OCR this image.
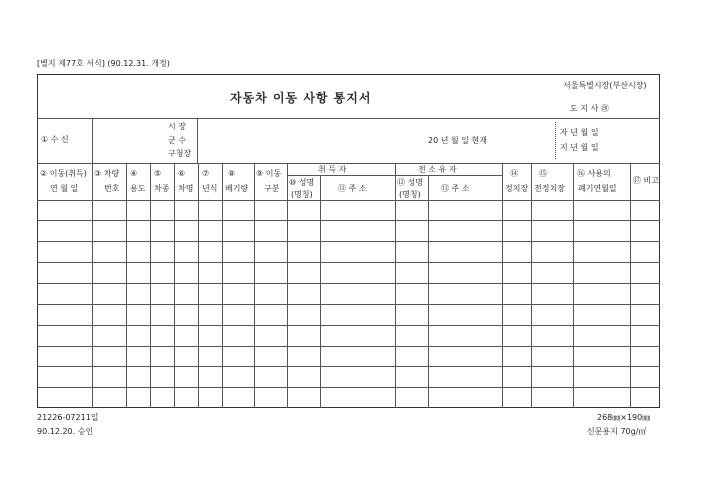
[별지 제77호 서식] (90.12.31. 개정)
서울특별시장(부산시장)
자동차 이동 사항 통지서
도 지 사 ㊞
① 수 신
시 장
군 수
구청장
20 년 월 일 현재
자 년 월 일
지 년 월 일
② 이동(취득)
연 월 일
③ 차량
번호
④
용도
⑤
차종
⑥
차명
⑦
년식
⑧
배기량
⑨ 이동
구분
취 득 자
⑩ 성명
(명칭)
⑪ 주 소
전 소 유 자
⑫ 성명
(명칭)
⑬ 주 소
⑭
정치장
⑮
전정치장
⑯ 사용의
폐기연월일
⑰ 비고
21226-07211일
90.12.20. 승인
268㎜×190㎜
신문용지 70g/㎡
